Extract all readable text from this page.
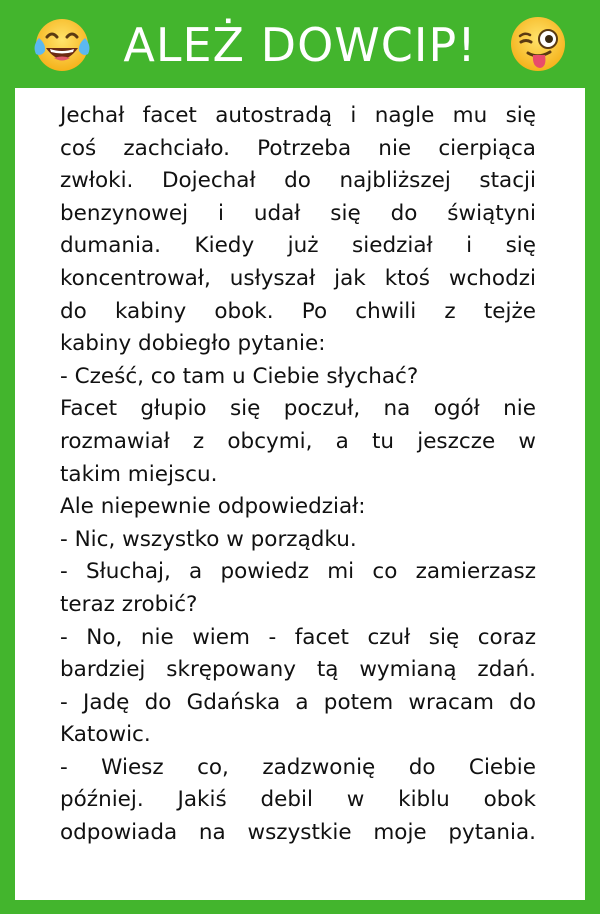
ALEŻ DOWCIP!
Jechał facet autostradą i nagle mu się
coś zachciało. Potrzeba nie cierpiąca
zwłoki. Dojechał do najbliższej stacji
benzynowej i udał się do świątyni
dumania. Kiedy już siedział i się
koncentrował, usłyszał jak ktoś wchodzi
do kabiny obok. Po chwili z tejże
kabiny dobiegło pytanie:
- Cześć, co tam u Ciebie słychać?
Facet głupio się poczuł, na ogół nie
rozmawiał z obcymi, a tu jeszcze w
takim miejscu.
Ale niepewnie odpowiedział:
- Nic, wszystko w porządku.
- Słuchaj, a powiedz mi co zamierzasz
teraz zrobić?
- No, nie wiem - facet czuł się coraz
bardziej skrępowany tą wymianą zdań.
- Jadę do Gdańska a potem wracam do
Katowic.
- Wiesz co, zadzwonię do Ciebie
później. Jakiś debil w kiblu obok
odpowiada na wszystkie moje pytania.
